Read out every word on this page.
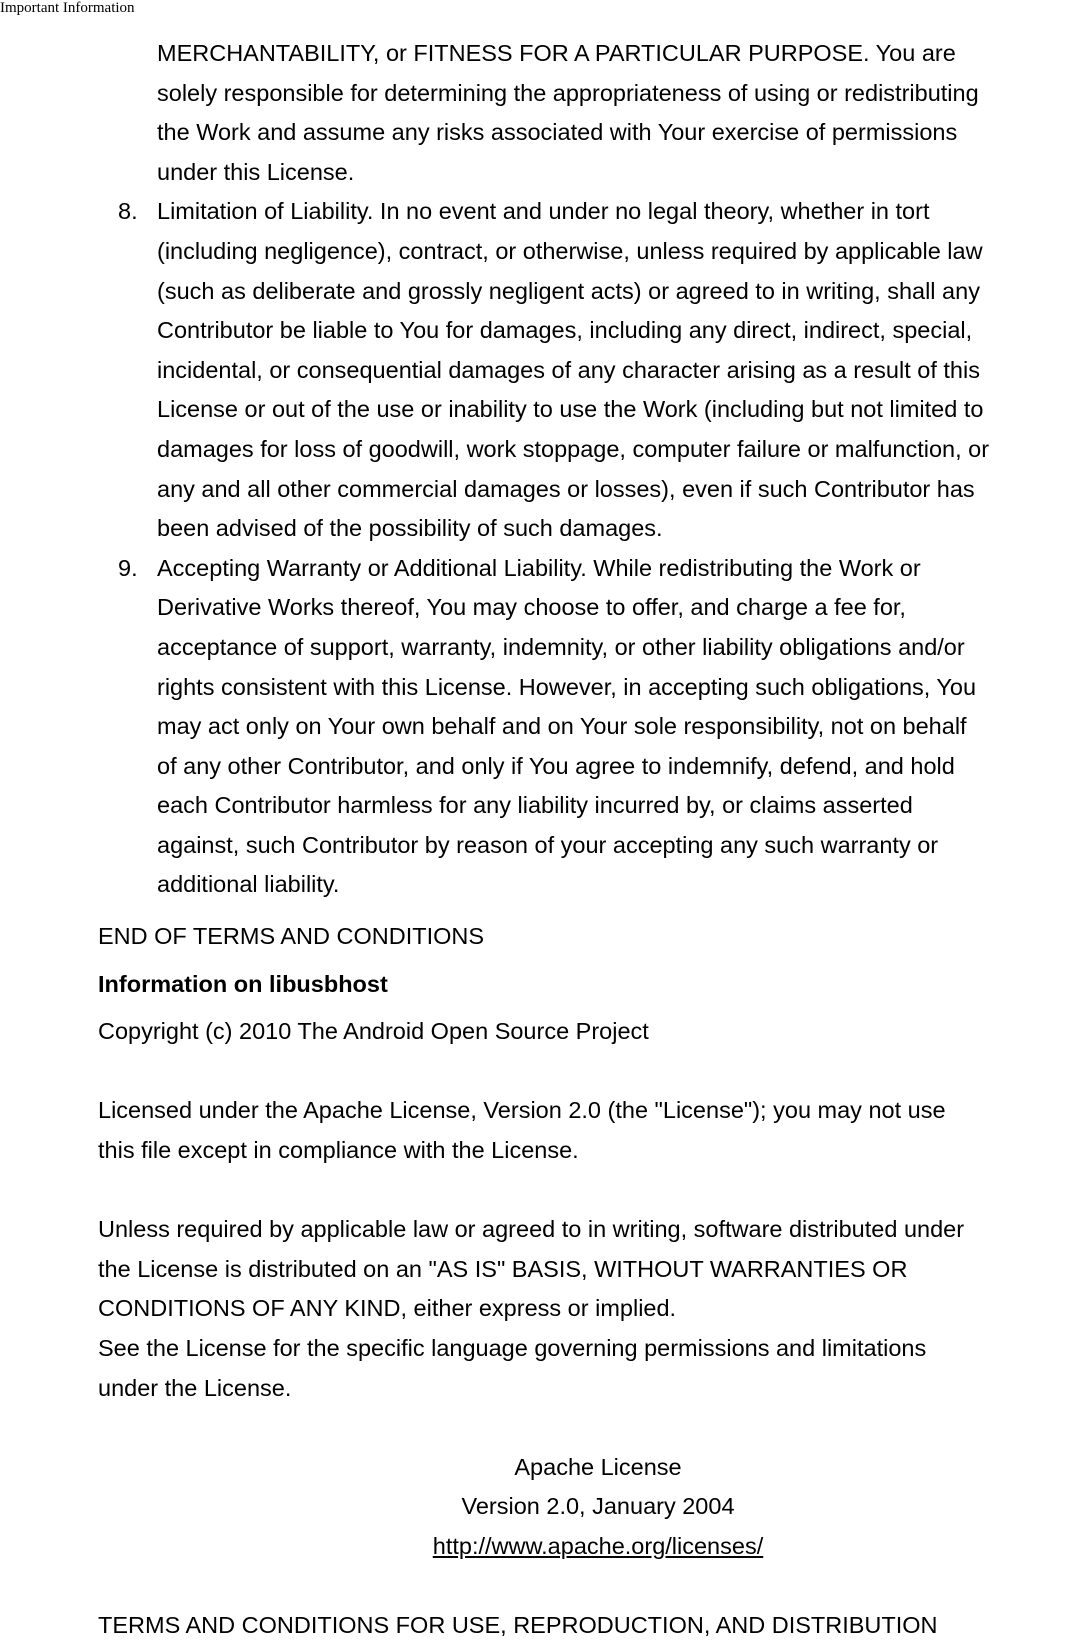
Important Information

MERCHANTABILITY, or FITNESS FOR A PARTICULAR PURPOSE. You are
solely responsible for determining the appropriateness of using or redistributing
the Work and assume any risks associated with Your exercise of permissions
under this License.

8. Limitation of Liability. In no event and under no legal theory, whether in tort
(including negligence), contract, or otherwise, unless required by applicable law
(such as deliberate and grossly negligent acts) or agreed to in writing, shall any
Contributor be liable to You for damages, including any direct, indirect, special,
incidental, or consequential damages of any character arising as a result of this
License or out of the use or inability to use the Work (including but not limited to
damages for loss of goodwill, work stoppage, computer failure or malfunction, or
any and all other commercial damages or losses), even if such Contributor has
been advised of the possibility of such damages.
9. Accepting Warranty or Additional Liability. While redistributing the Work or
Derivative Works thereof, You may choose to offer, and charge a fee for,
acceptance of support, warranty, indemnity, or other liability obligations and/or
rights consistent with this License. However, in accepting such obligations, You
may act only on Your own behalf and on Your sole responsibility, not on behalf
of any other Contributor, and only if You agree to indemnify, defend, and hold
each Contributor harmless for any liability incurred by, or claims asserted
against, such Contributor by reason of your accepting any such warranty or
additional liability.
END OF TERMS AND CONDITIONS
Information on libusbhost
Copyright (c) 2010 The Android Open Source Project
Licensed under the Apache License, Version 2.0 (the "License"); you may not use
this file except in compliance with the License.
Unless required by applicable law or agreed to in writing, software distributed under
the License is distributed on an "AS IS" BASIS, WITHOUT WARRANTIES OR
CONDITIONS OF ANY KIND, either express or implied.
See the License for the specific language governing permissions and limitations
under the License.
Apache License
Version 2.0, January 2004
http://www.apache.org/licenses/
TERMS AND CONDITIONS FOR USE, REPRODUCTION, AND DISTRIBUTION
